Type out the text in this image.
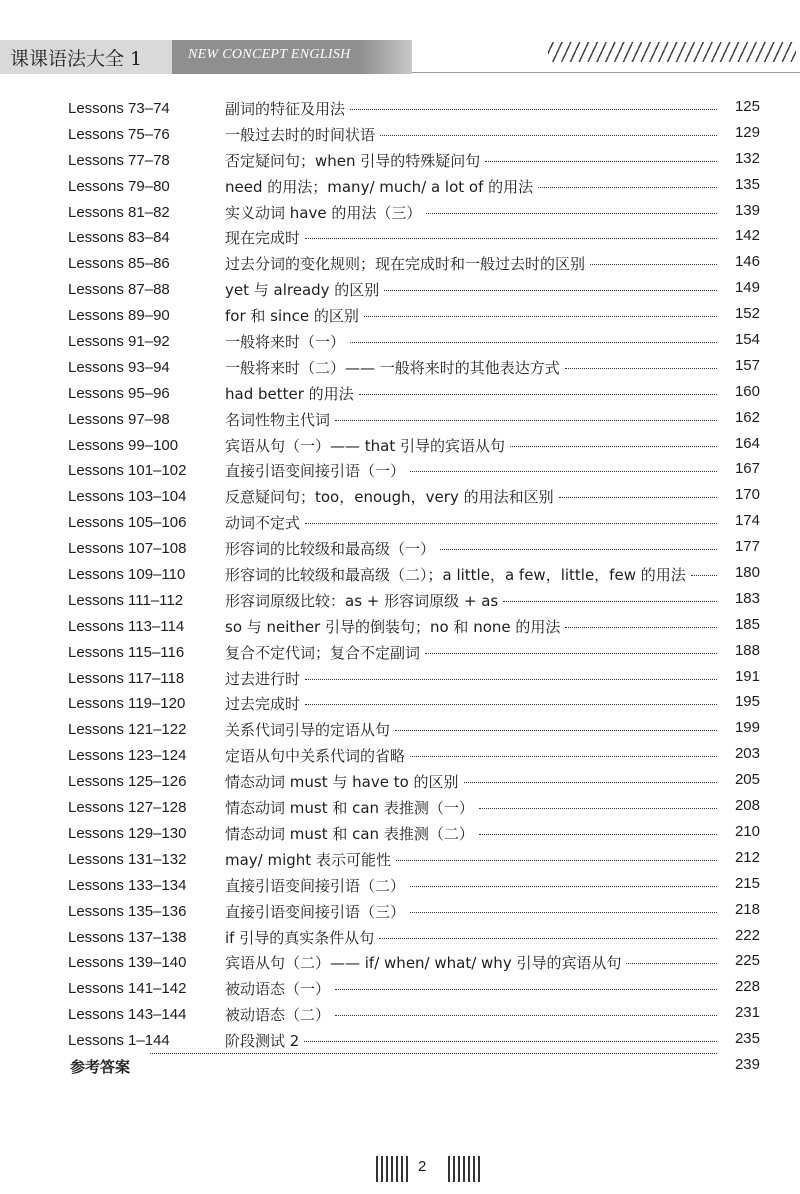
课课语法大全 1	NEW CONCEPT ENGLISH
Lessons 73–74	副词的特征及用法	125
Lessons 75–76	一般过去时的时间状语	129
Lessons 77–78	否定疑问句；when 引导的特殊疑问句	132
Lessons 79–80	need 的用法；many/ much/ a lot of 的用法	135
Lessons 81–82	实义动词 have 的用法（三）	139
Lessons 83–84	现在完成时	142
Lessons 85–86	过去分词的变化规则；现在完成时和一般过去时的区别	146
Lessons 87–88	yet 与 already 的区别	149
Lessons 89–90	for 和 since 的区别	152
Lessons 91–92	一般将来时（一）	154
Lessons 93–94	一般将来时（二）—— 一般将来时的其他表达方式	157
Lessons 95–96	had better 的用法	160
Lessons 97–98	名词性物主代词	162
Lessons 99–100	宾语从句（一）—— that 引导的宾语从句	164
Lessons 101–102	直接引语变间接引语（一）	167
Lessons 103–104	反意疑问句；too，enough，very 的用法和区别	170
Lessons 105–106	动词不定式	174
Lessons 107–108	形容词的比较级和最高级（一）	177
Lessons 109–110	形容词的比较级和最高级（二）；a little，a few，little，few 的用法	180
Lessons 111–112	形容词原级比较：as + 形容词原级 + as	183
Lessons 113–114	so 与 neither 引导的倒装句；no 和 none 的用法	185
Lessons 115–116	复合不定代词；复合不定副词	188
Lessons 117–118	过去进行时	191
Lessons 119–120	过去完成时	195
Lessons 121–122	关系代词引导的定语从句	199
Lessons 123–124	定语从句中关系代词的省略	203
Lessons 125–126	情态动词 must 与 have to 的区别	205
Lessons 127–128	情态动词 must 和 can 表推测（一）	208
Lessons 129–130	情态动词 must 和 can 表推测（二）	210
Lessons 131–132	may/ might 表示可能性	212
Lessons 133–134	直接引语变间接引语（二）	215
Lessons 135–136	直接引语变间接引语（三）	218
Lessons 137–138	if 引导的真实条件从句	222
Lessons 139–140	宾语从句（二）—— if/ when/ what/ why 引导的宾语从句	225
Lessons 141–142	被动语态（一）	228
Lessons 143–144	被动语态（二）	231
Lessons 1–144	阶段测试 2	235
参考答案	239
2
